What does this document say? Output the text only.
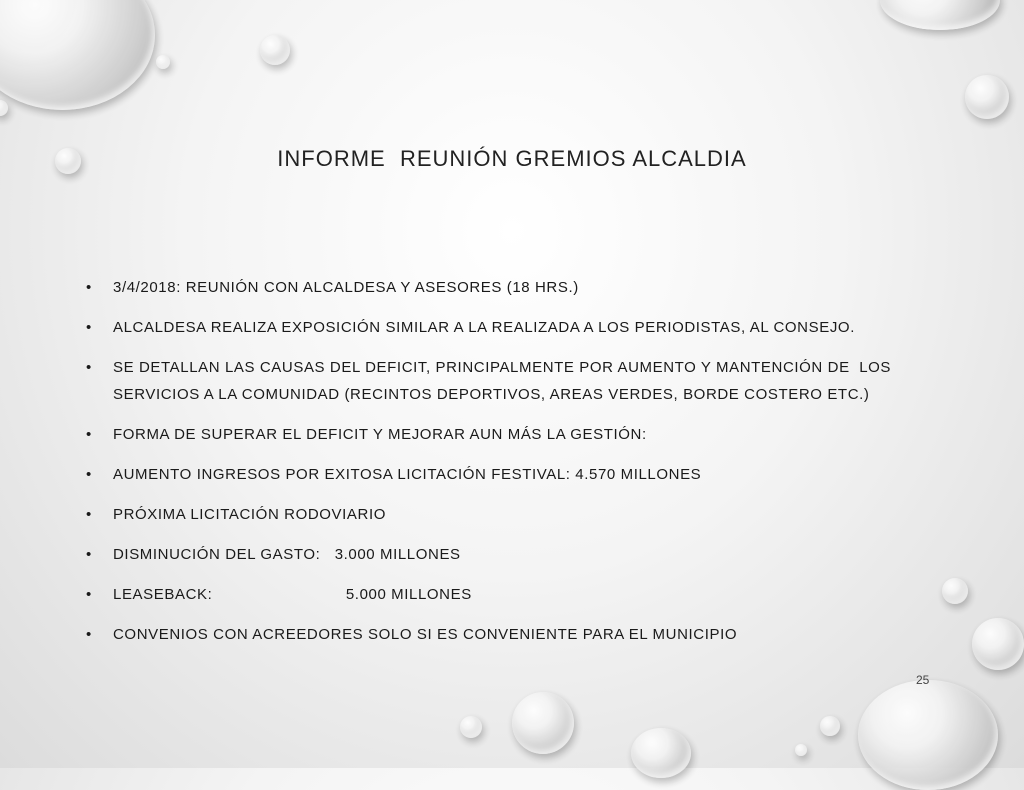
INFORME  REUNIÓN GREMIOS ALCALDIA
• 3/4/2018: REUNIÓN CON ALCALDESA Y ASESORES (18 HRS.)
• ALCALDESA REALIZA EXPOSICIÓN SIMILAR A LA REALIZADA A LOS PERIODISTAS, AL CONSEJO.
• SE DETALLAN LAS CAUSAS DEL DEFICIT, PRINCIPALMENTE POR AUMENTO Y MANTENCIÓN DE  LOS SERVICIOS A LA COMUNIDAD (RECINTOS DEPORTIVOS, AREAS VERDES, BORDE COSTERO ETC.)
• FORMA DE SUPERAR EL DEFICIT Y MEJORAR AUN MÁS LA GESTIÓN:
• AUMENTO INGRESOS POR EXITOSA LICITACIÓN FESTIVAL: 4.570 MILLONES
• PRÓXIMA LICITACIÓN RODOVIARIO
• DISMINUCIÓN DEL GASTO:   3.000 MILLONES
• LEASEBACK:                            5.000 MILLONES
• CONVENIOS CON ACREEDORES SOLO SI ES CONVENIENTE PARA EL MUNICIPIO
25
